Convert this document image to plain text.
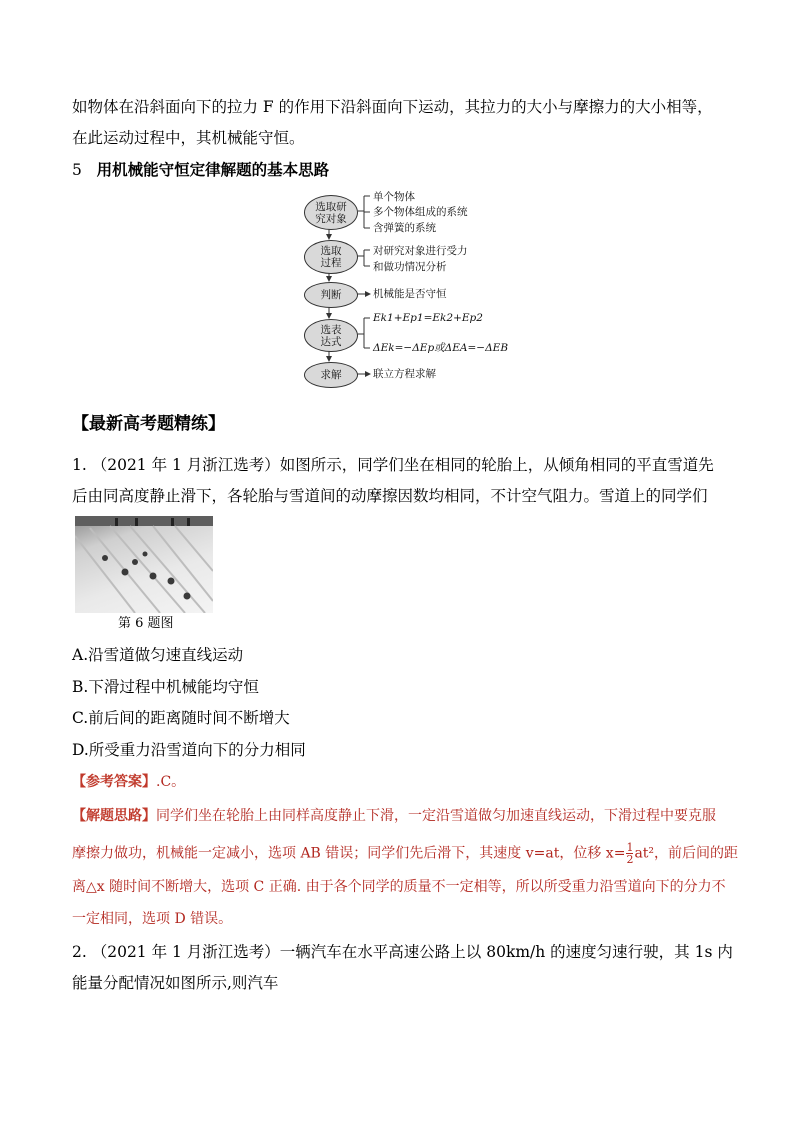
如物体在沿斜面向下的拉力 F 的作用下沿斜面向下运动，其拉力的大小与摩擦力的大小相等，
在此运动过程中，其机械能守恒。
5 用机械能守恒定律解题的基本思路
选取研究对象
选取过程
判断
选表达式
求解
单个物体
多个物体组成的系统
含弹簧的系统
对研究对象进行受力
和做功情况分析
机械能是否守恒
Ek1+Ep1=Ek2+Ep2
ΔEk=−ΔEp或ΔEA=−ΔEB
联立方程求解
【最新高考题精练】
1. （2021 年 1 月浙江选考）如图所示，同学们坐在相同的轮胎上，从倾角相同的平直雪道先
后由同高度静止滑下，各轮胎与雪道间的动摩擦因数均相同，不计空气阻力。雪道上的同学们
第 6 题图
A.沿雪道做匀速直线运动
B.下滑过程中机械能均守恒
C.前后间的距离随时间不断增大
D.所受重力沿雪道向下的分力相同
【参考答案】.C。
【解题思路】同学们坐在轮胎上由同样高度静止下滑，一定沿雪道做匀加速直线运动，下滑过程中要克服
摩擦力做功，机械能一定减小，选项 AB 错误；同学们先后滑下，其速度 v=at，位移 $x= \frac{1}{2} at^2$，前后间的距
离△x 随时间不断增大，选项 C 正确. 由于各个同学的质量不一定相等，所以所受重力沿雪道向下的分力不
一定相同，选项 D 错误。
2. （2021 年 1 月浙江选考）一辆汽车在水平高速公路上以 80km/h 的速度匀速行驶，其 1s 内
能量分配情况如图所示,则汽车
